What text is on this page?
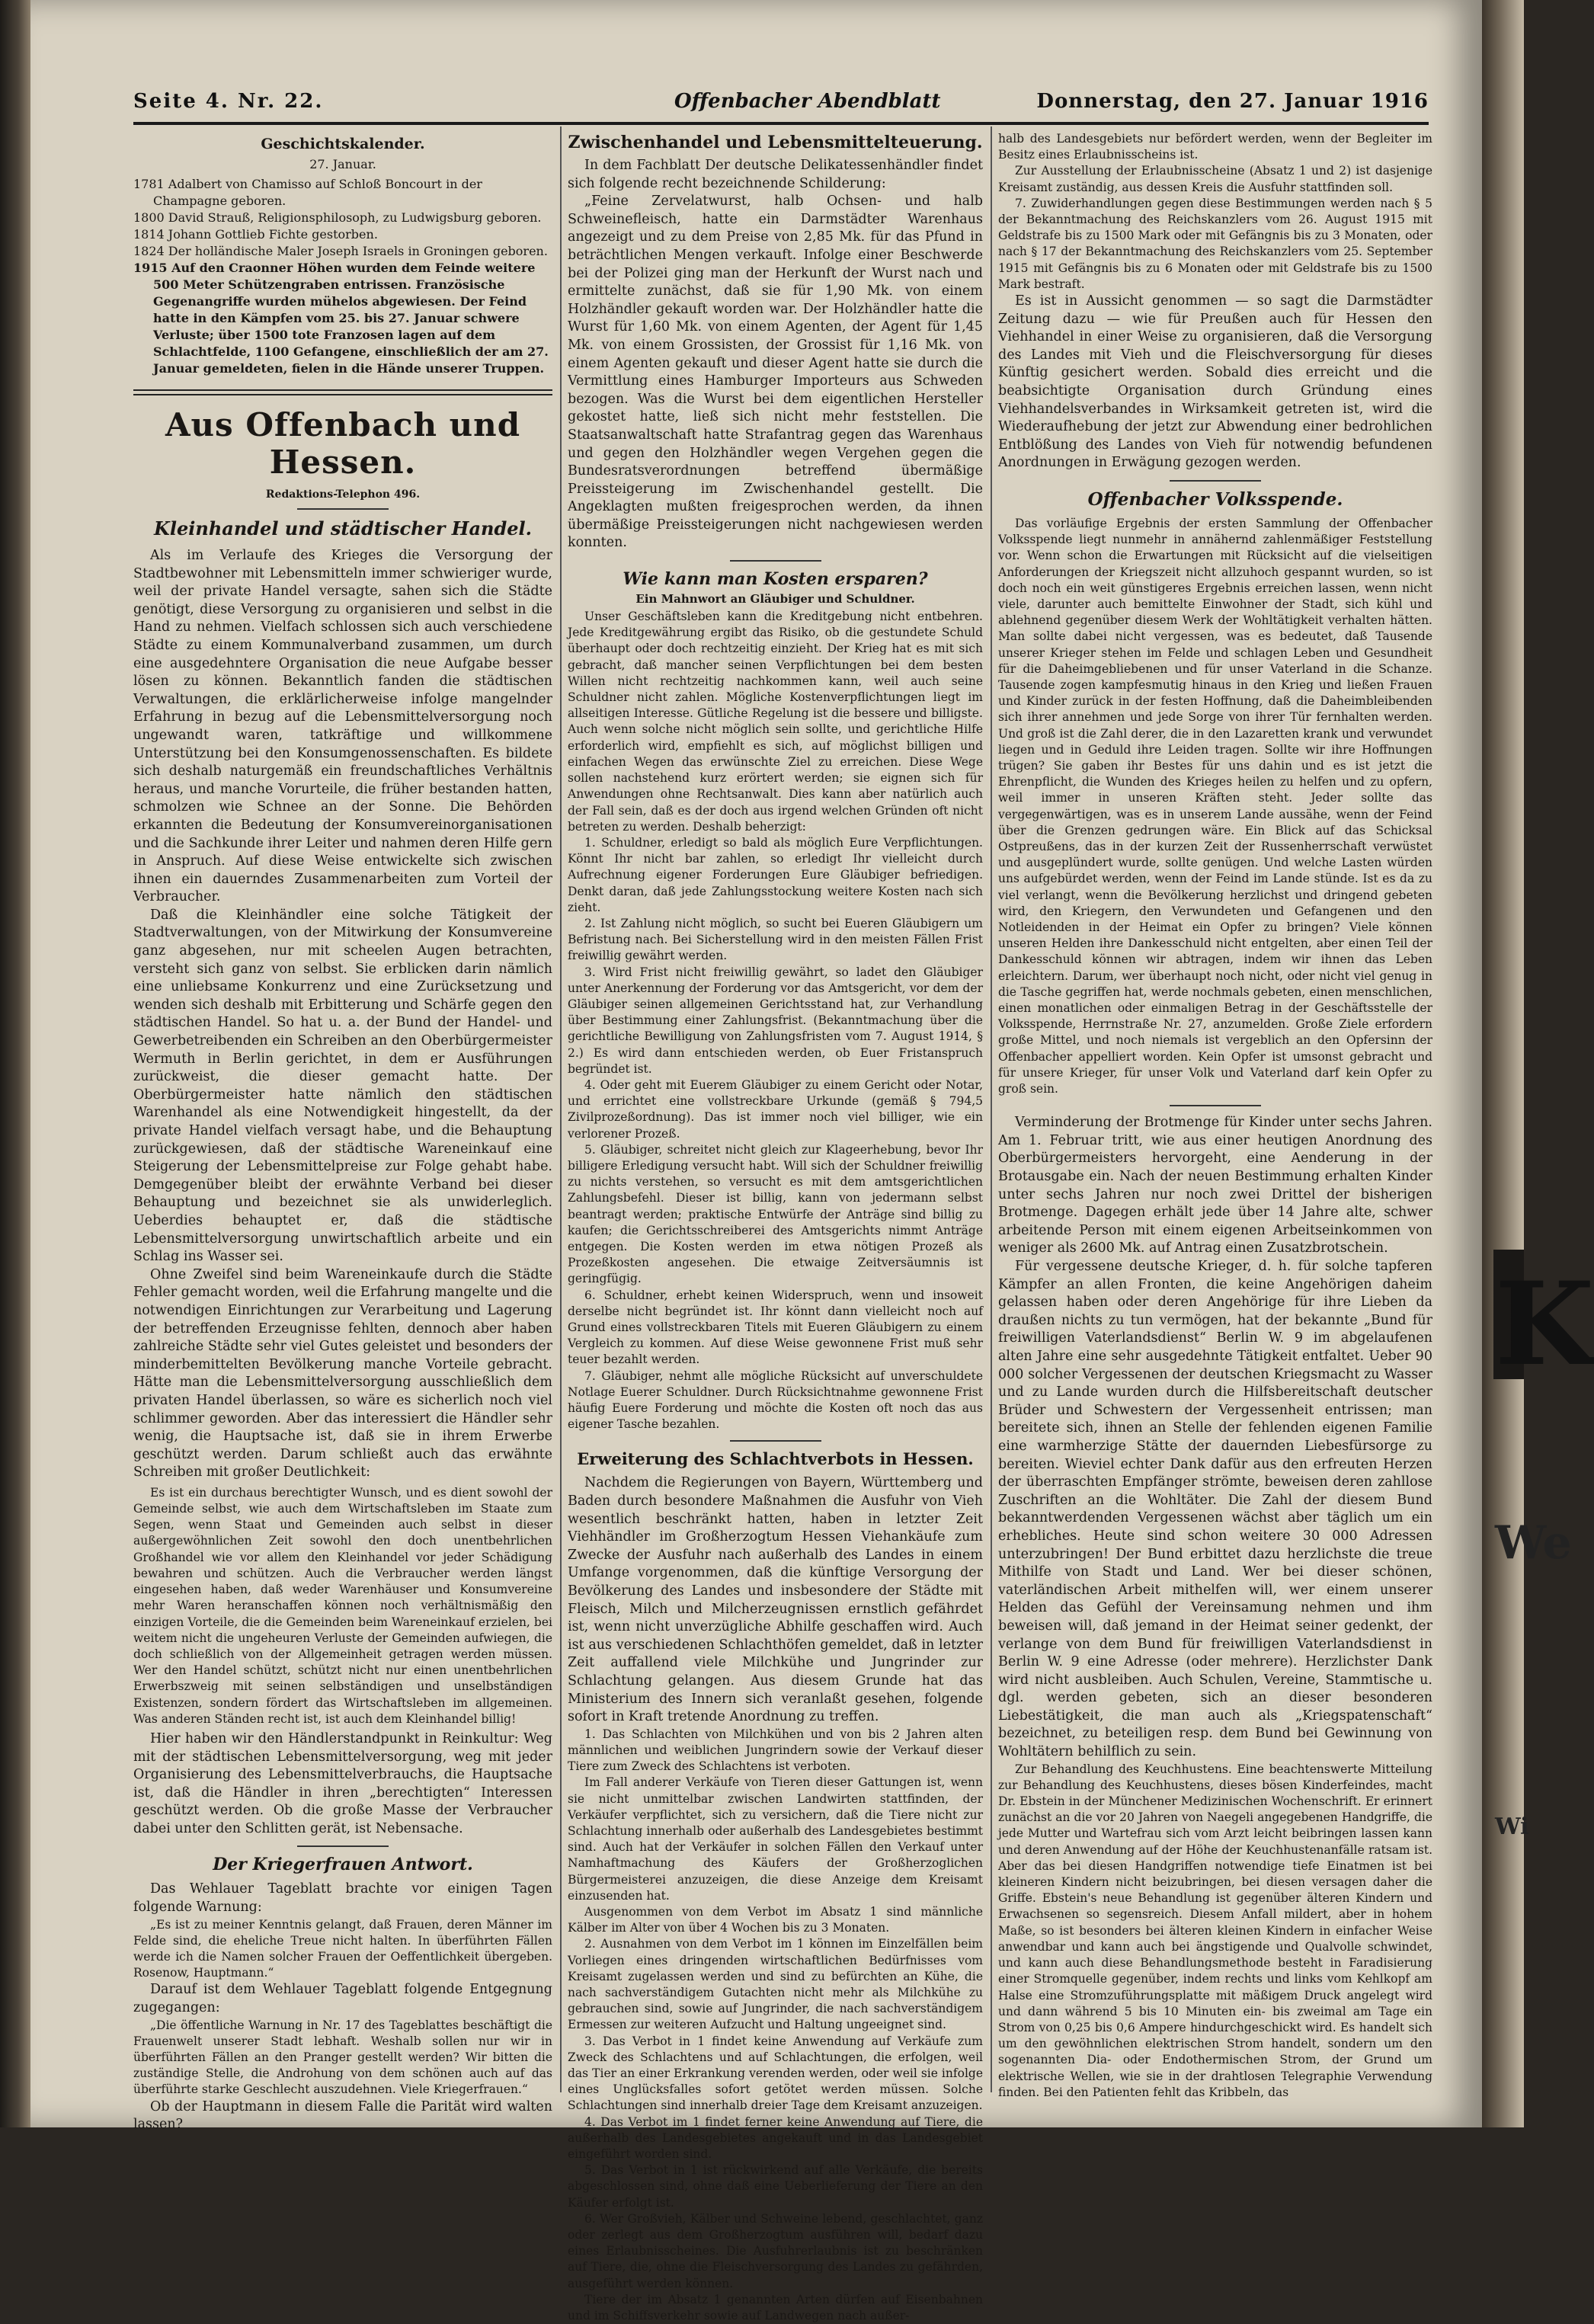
K
We
Wi
Seite 4. Nr. 22.	Offenbacher Abendblatt	Donnerstag, den 27. Januar 1916
Geschichtskalender.
27. Januar.

1781 Adalbert von Chamisso auf Schloß Boncourt in der Champagne geboren.

1800 David Strauß, Religionsphilosoph, zu Ludwigsburg geboren.

1814 Johann Gottlieb Fichte gestorben.

1824 Der holländische Maler Joseph Israels in Groningen geboren.

1915 Auf den Craonner Höhen wurden dem Feinde weitere 500 Meter Schützengraben entrissen. Französische Gegenangriffe wurden mühelos abgewiesen. Der Feind hatte in den Kämpfen vom 25. bis 27. Januar schwere Verluste; über 1500 tote Franzosen lagen auf dem Schlachtfelde, 1100 Gefangene, einschließlich der am 27. Januar gemeldeten, fielen in die Hände unserer Truppen.

Aus Offenbach und Hessen.
Redaktions-Telephon 496.
Kleinhandel und städtischer Handel.

Als im Verlaufe des Krieges die Versorgung der Stadtbewohner mit Lebensmitteln immer schwieriger wurde, weil der private Handel versagte, sahen sich die Städte genötigt, diese Versorgung zu organisieren und selbst in die Hand zu nehmen. Vielfach schlossen sich auch verschiedene Städte zu einem Kommunalverband zusammen, um durch eine ausgedehntere Organisation die neue Aufgabe besser lösen zu können. Bekanntlich fanden die städtischen Verwaltungen, die erklärlicherweise infolge mangelnder Erfahrung in bezug auf die Lebensmittelversorgung noch ungewandt waren, tatkräftige und willkommene Unterstützung bei den Konsumgenossenschaften. Es bildete sich deshalb naturgemäß ein freundschaftliches Verhältnis heraus, und manche Vorurteile, die früher bestanden hatten, schmolzen wie Schnee an der Sonne. Die Behörden erkannten die Bedeutung der Konsumvereinorganisationen und die Sachkunde ihrer Leiter und nahmen deren Hilfe gern in Anspruch. Auf diese Weise entwickelte sich zwischen ihnen ein dauerndes Zusammenarbeiten zum Vorteil der Verbraucher.

Daß die Kleinhändler eine solche Tätigkeit der Stadtverwaltungen, von der Mitwirkung der Konsumvereine ganz abgesehen, nur mit scheelen Augen betrachten, versteht sich ganz von selbst. Sie erblicken darin nämlich eine unliebsame Konkurrenz und eine Zurücksetzung und wenden sich deshalb mit Erbitterung und Schärfe gegen den städtischen Handel. So hat u. a. der Bund der Handel- und Gewerbetreibenden ein Schreiben an den Oberbürgermeister Wermuth in Berlin gerichtet, in dem er Ausführungen zurückweist, die dieser gemacht hatte. Der Oberbürgermeister hatte nämlich den städtischen Warenhandel als eine Notwendigkeit hingestellt, da der private Handel vielfach versagt habe, und die Behauptung zurückgewiesen, daß der städtische Wareneinkauf eine Steigerung der Lebensmittelpreise zur Folge gehabt habe. Demgegenüber bleibt der erwähnte Verband bei dieser Behauptung und bezeichnet sie als unwiderleglich. Ueberdies behauptet er, daß die städtische Lebensmittelversorgung unwirtschaftlich arbeite und ein Schlag ins Wasser sei.

Ohne Zweifel sind beim Wareneinkaufe durch die Städte Fehler gemacht worden, weil die Erfahrung mangelte und die notwendigen Einrichtungen zur Verarbeitung und Lagerung der betreffenden Erzeugnisse fehlten, dennoch aber haben zahlreiche Städte sehr viel Gutes geleistet und besonders der minderbemittelten Bevölkerung manche Vorteile gebracht. Hätte man die Lebensmittelversorgung ausschließlich dem privaten Handel überlassen, so wäre es sicherlich noch viel schlimmer geworden. Aber das interessiert die Händler sehr wenig, die Hauptsache ist, daß sie in ihrem Erwerbe geschützt werden. Darum schließt auch das erwähnte Schreiben mit großer Deutlichkeit:

Es ist ein durchaus berechtigter Wunsch, und es dient sowohl der Gemeinde selbst, wie auch dem Wirtschaftsleben im Staate zum Segen, wenn Staat und Gemeinden auch selbst in dieser außergewöhnlichen Zeit sowohl den doch unentbehrlichen Großhandel wie vor allem den Kleinhandel vor jeder Schädigung bewahren und schützen. Auch die Verbraucher werden längst eingesehen haben, daß weder Warenhäuser und Konsumvereine mehr Waren heranschaffen können noch verhältnismäßig den einzigen Vorteile, die die Gemeinden beim Wareneinkauf erzielen, bei weitem nicht die ungeheuren Verluste der Gemeinden aufwiegen, die doch schließlich von der Allgemeinheit getragen werden müssen. Wer den Handel schützt, schützt nicht nur einen unentbehrlichen Erwerbszweig mit seinen selbständigen und unselbständigen Existenzen, sondern fördert das Wirtschaftsleben im allgemeinen. Was anderen Ständen recht ist, ist auch dem Kleinhandel billig!

Hier haben wir den Händlerstandpunkt in Reinkultur: Weg mit der städtischen Lebensmittelversorgung, weg mit jeder Organisierung des Lebensmittelverbrauchs, die Hauptsache ist, daß die Händler in ihren „berechtigten“ Interessen geschützt werden. Ob die große Masse der Verbraucher dabei unter den Schlitten gerät, ist Nebensache.

Der Kriegerfrauen Antwort.

Das Wehlauer Tageblatt brachte vor einigen Tagen folgende Warnung:

„Es ist zu meiner Kenntnis gelangt, daß Frauen, deren Männer im Felde sind, die eheliche Treue nicht halten. In überführten Fällen werde ich die Namen solcher Frauen der Oeffentlichkeit übergeben. Rosenow, Hauptmann.“

Darauf ist dem Wehlauer Tageblatt folgende Entgegnung zugegangen:

„Die öffentliche Warnung in Nr. 17 des Tageblattes beschäftigt die Frauenwelt unserer Stadt lebhaft. Weshalb sollen nur wir in überführten Fällen an den Pranger gestellt werden? Wir bitten die zuständige Stelle, die Androhung von dem schönen auch auf das überführte starke Geschlecht auszudehnen. Viele Kriegerfrauen.“

Ob der Hauptmann in diesem Falle die Parität wird walten lassen?

Zwischenhandel und Lebensmittelteuerung.

In dem Fachblatt Der deutsche Delikatessenhändler findet sich folgende recht bezeichnende Schilderung:

„Feine Zervelatwurst, halb Ochsen- und halb Schweinefleisch, hatte ein Darmstädter Warenhaus angezeigt und zu dem Preise von 2,85 Mk. für das Pfund in beträchtlichen Mengen verkauft. Infolge einer Beschwerde bei der Polizei ging man der Herkunft der Wurst nach und ermittelte zunächst, daß sie für 1,90 Mk. von einem Holzhändler gekauft worden war. Der Holzhändler hatte die Wurst für 1,60 Mk. von einem Agenten, der Agent für 1,45 Mk. von einem Grossisten, der Grossist für 1,16 Mk. von einem Agenten gekauft und dieser Agent hatte sie durch die Vermittlung eines Hamburger Importeurs aus Schweden bezogen. Was die Wurst bei dem eigentlichen Hersteller gekostet hatte, ließ sich nicht mehr feststellen. Die Staatsanwaltschaft hatte Strafantrag gegen das Warenhaus und gegen den Holzhändler wegen Vergehen gegen die Bundesratsverordnungen betreffend übermäßige Preissteigerung im Zwischenhandel gestellt. Die Angeklagten mußten freigesprochen werden, da ihnen übermäßige Preissteigerungen nicht nachgewiesen werden konnten.

Wie kann man Kosten ersparen?
Ein Mahnwort an Gläubiger und Schuldner.

Unser Geschäftsleben kann die Kreditgebung nicht entbehren. Jede Kreditgewährung ergibt das Risiko, ob die gestundete Schuld überhaupt oder doch rechtzeitig einzieht. Der Krieg hat es mit sich gebracht, daß mancher seinen Verpflichtungen bei dem besten Willen nicht rechtzeitig nachkommen kann, weil auch seine Schuldner nicht zahlen. Mögliche Kostenverpflichtungen liegt im allseitigen Interesse. Gütliche Regelung ist die bessere und billigste. Auch wenn solche nicht möglich sein sollte, und gerichtliche Hilfe erforderlich wird, empfiehlt es sich, auf möglichst billigen und einfachen Wegen das erwünschte Ziel zu erreichen. Diese Wege sollen nachstehend kurz erörtert werden; sie eignen sich für Anwendungen ohne Rechtsanwalt. Dies kann aber natürlich auch der Fall sein, daß es der doch aus irgend welchen Gründen oft nicht betreten zu werden. Deshalb beherzigt:

1. Schuldner, erledigt so bald als möglich Eure Verpflichtungen. Könnt Ihr nicht bar zahlen, so erledigt Ihr vielleicht durch Aufrechnung eigener Forderungen Eure Gläubiger befriedigen. Denkt daran, daß jede Zahlungsstockung weitere Kosten nach sich zieht.

2. Ist Zahlung nicht möglich, so sucht bei Eueren Gläubigern um Befristung nach. Bei Sicherstellung wird in den meisten Fällen Frist freiwillig gewährt werden.

3. Wird Frist nicht freiwillig gewährt, so ladet den Gläubiger unter Anerkennung der Forderung vor das Amtsgericht, vor dem der Gläubiger seinen allgemeinen Gerichtsstand hat, zur Verhandlung über Bestimmung einer Zahlungsfrist. (Bekanntmachung über die gerichtliche Bewilligung von Zahlungsfristen vom 7. August 1914, § 2.) Es wird dann entschieden werden, ob Euer Fristanspruch begründet ist.

4. Oder geht mit Euerem Gläubiger zu einem Gericht oder Notar, und errichtet eine vollstreckbare Urkunde (gemäß § 794,5 Zivilprozeßordnung). Das ist immer noch viel billiger, wie ein verlorener Prozeß.

5. Gläubiger, schreitet nicht gleich zur Klageerhebung, bevor Ihr billigere Erledigung versucht habt. Will sich der Schuldner freiwillig zu nichts verstehen, so versucht es mit dem amtsgerichtlichen Zahlungsbefehl. Dieser ist billig, kann von jedermann selbst beantragt werden; praktische Entwürfe der Anträge sind billig zu kaufen; die Gerichtsschreiberei des Amtsgerichts nimmt Anträge entgegen. Die Kosten werden im etwa nötigen Prozeß als Prozeßkosten angesehen. Die etwaige Zeitversäumnis ist geringfügig.

6. Schuldner, erhebt keinen Widerspruch, wenn und insoweit derselbe nicht begründet ist. Ihr könnt dann vielleicht noch auf Grund eines vollstreckbaren Titels mit Eueren Gläubigern zu einem Vergleich zu kommen. Auf diese Weise gewonnene Frist muß sehr teuer bezahlt werden.

7. Gläubiger, nehmt alle mögliche Rücksicht auf unverschuldete Notlage Euerer Schuldner. Durch Rücksichtnahme gewonnene Frist häufig Euere Forderung und möchte die Kosten oft noch das aus eigener Tasche bezahlen.

Erweiterung des Schlachtverbots in Hessen.

Nachdem die Regierungen von Bayern, Württemberg und Baden durch besondere Maßnahmen die Ausfuhr von Vieh wesentlich beschränkt hatten, haben in letzter Zeit Viehhändler im Großherzogtum Hessen Viehankäufe zum Zwecke der Ausfuhr nach außerhalb des Landes in einem Umfange vorgenommen, daß die künftige Versorgung der Bevölkerung des Landes und insbesondere der Städte mit Fleisch, Milch und Milcherzeugnissen ernstlich gefährdet ist, wenn nicht unverzügliche Abhilfe geschaffen wird. Auch ist aus verschiedenen Schlachthöfen gemeldet, daß in letzter Zeit auffallend viele Milchkühe und Jungrinder zur Schlachtung gelangen. Aus diesem Grunde hat das Ministerium des Innern sich veranlaßt gesehen, folgende sofort in Kraft tretende Anordnung zu treffen.

1. Das Schlachten von Milchkühen und von bis 2 Jahren alten männlichen und weiblichen Jungrindern sowie der Verkauf dieser Tiere zum Zweck des Schlachtens ist verboten.

Im Fall anderer Verkäufe von Tieren dieser Gattungen ist, wenn sie nicht unmittelbar zwischen Landwirten stattfinden, der Verkäufer verpflichtet, sich zu versichern, daß die Tiere nicht zur Schlachtung innerhalb oder außerhalb des Landesgebietes bestimmt sind. Auch hat der Verkäufer in solchen Fällen den Verkauf unter Namhaftmachung des Käufers der Großherzoglichen Bürgermeisterei anzuzeigen, die diese Anzeige dem Kreisamt einzusenden hat.

Ausgenommen von dem Verbot im Absatz 1 sind männliche Kälber im Alter von über 4 Wochen bis zu 3 Monaten.

2. Ausnahmen von dem Verbot im 1 können im Einzelfällen beim Vorliegen eines dringenden wirtschaftlichen Bedürfnisses vom Kreisamt zugelassen werden und sind zu befürchten an Kühe, die nach sachverständigem Gutachten nicht mehr als Milchkühe zu gebrauchen sind, sowie auf Jungrinder, die nach sachverständigem Ermessen zur weiteren Aufzucht und Haltung ungeeignet sind.

3. Das Verbot in 1 findet keine Anwendung auf Verkäufe zum Zweck des Schlachtens und auf Schlachtungen, die erfolgen, weil das Tier an einer Erkrankung verenden werden, oder weil sie infolge eines Unglücksfalles sofort getötet werden müssen. Solche Schlachtungen sind innerhalb dreier Tage dem Kreisamt anzuzeigen.

4. Das Verbot im 1 findet ferner keine Anwendung auf Tiere, die außerhalb des Landesgebietes angekauft und in das Landesgebiet eingeführt worden sind.

5. Das Verbot in 1 ist rückwirkend auf alle Verkäufe, die bereits abgeschlossen sind, ohne daß eine Ueberlieferung der Tiere an den Käufer erfolgt ist.

6. Wer Großvieh, Kälber und Schweine lebend, geschlachtet, ganz oder zerlegt aus dem Großherzogtum ausführen will, bedarf dazu eines Erlaubnisscheines. Die Ausfuhrerlaubnis ist zu beschränken auf Tiere, die, ohne die Fleischversorgung des Landes zu gefährden, ausgeführt werden können.

Tiere der im Absatz 1 genannten Arten dürfen auf Eisenbahnen und im Schiffsverkehr sowie auf Landwegen nach außer-

halb des Landesgebiets nur befördert werden, wenn der Begleiter im Besitz eines Erlaubnisscheins ist.

Zur Ausstellung der Erlaubnisscheine (Absatz 1 und 2) ist dasjenige Kreisamt zuständig, aus dessen Kreis die Ausfuhr stattfinden soll.

7. Zuwiderhandlungen gegen diese Bestimmungen werden nach § 5 der Bekanntmachung des Reichskanzlers vom 26. August 1915 mit Geldstrafe bis zu 1500 Mark oder mit Gefängnis bis zu 3 Monaten, oder nach § 17 der Bekanntmachung des Reichskanzlers vom 25. September 1915 mit Gefängnis bis zu 6 Monaten oder mit Geldstrafe bis zu 1500 Mark bestraft.

Es ist in Aussicht genommen — so sagt die Darmstädter Zeitung dazu — wie für Preußen auch für Hessen den Viehhandel in einer Weise zu organisieren, daß die Versorgung des Landes mit Vieh und die Fleischversorgung für dieses Künftig gesichert werden. Sobald dies erreicht und die beabsichtigte Organisation durch Gründung eines Viehhandelsverbandes in Wirksamkeit getreten ist, wird die Wiederaufhebung der jetzt zur Abwendung einer bedrohlichen Entblößung des Landes von Vieh für notwendig befundenen Anordnungen in Erwägung gezogen werden.

Offenbacher Volksspende.

Das vorläufige Ergebnis der ersten Sammlung der Offenbacher Volksspende liegt nunmehr in annähernd zahlenmäßiger Feststellung vor. Wenn schon die Erwartungen mit Rücksicht auf die vielseitigen Anforderungen der Kriegszeit nicht allzuhoch gespannt wurden, so ist doch noch ein weit günstigeres Ergebnis erreichen lassen, wenn nicht viele, darunter auch bemittelte Einwohner der Stadt, sich kühl und ablehnend gegenüber diesem Werk der Wohltätigkeit verhalten hätten. Man sollte dabei nicht vergessen, was es bedeutet, daß Tausende unserer Krieger stehen im Felde und schlagen Leben und Gesundheit für die Daheimgebliebenen und für unser Vaterland in die Schanze. Tausende zogen kampfesmutig hinaus in den Krieg und ließen Frauen und Kinder zurück in der festen Hoffnung, daß die Daheimbleibenden sich ihrer annehmen und jede Sorge von ihrer Tür fernhalten werden. Und groß ist die Zahl derer, die in den Lazaretten krank und verwundet liegen und in Geduld ihre Leiden tragen. Sollte wir ihre Hoffnungen trügen? Sie gaben ihr Bestes für uns dahin und es ist jetzt die Ehrenpflicht, die Wunden des Krieges heilen zu helfen und zu opfern, weil immer in unseren Kräften steht. Jeder sollte das vergegenwärtigen, was es in unserem Lande aussähe, wenn der Feind über die Grenzen gedrungen wäre. Ein Blick auf das Schicksal Ostpreußens, das in der kurzen Zeit der Russenherrschaft verwüstet und ausgeplündert wurde, sollte genügen. Und welche Lasten würden uns aufgebürdet werden, wenn der Feind im Lande stünde. Ist es da zu viel verlangt, wenn die Bevölkerung herzlichst und dringend gebeten wird, den Kriegern, den Verwundeten und Gefangenen und den Notleidenden in der Heimat ein Opfer zu bringen? Viele können unseren Helden ihre Dankesschuld nicht entgelten, aber einen Teil der Dankesschuld können wir abtragen, indem wir ihnen das Leben erleichtern. Darum, wer überhaupt noch nicht, oder nicht viel genug in die Tasche gegriffen hat, werde nochmals gebeten, einen menschlichen, einen monatlichen oder einmaligen Betrag in der Geschäftsstelle der Volksspende, Herrnstraße Nr. 27, anzumelden. Große Ziele erfordern große Mittel, und noch niemals ist vergeblich an den Opfersinn der Offenbacher appelliert worden. Kein Opfer ist umsonst gebracht und für unsere Krieger, für unser Volk und Vaterland darf kein Opfer zu groß sein.

Verminderung der Brotmenge für Kinder unter sechs Jahren. Am 1. Februar tritt, wie aus einer heutigen Anordnung des Oberbürgermeisters hervorgeht, eine Aenderung in der Brotausgabe ein. Nach der neuen Bestimmung erhalten Kinder unter sechs Jahren nur noch zwei Drittel der bisherigen Brotmenge. Dagegen erhält jede über 14 Jahre alte, schwer arbeitende Person mit einem eigenen Arbeitseinkommen von weniger als 2600 Mk. auf Antrag einen Zusatzbrotschein.

Für vergessene deutsche Krieger, d. h. für solche tapferen Kämpfer an allen Fronten, die keine Angehörigen daheim gelassen haben oder deren Angehörige für ihre Lieben da draußen nichts zu tun vermögen, hat der bekannte „Bund für freiwilligen Vaterlandsdienst“ Berlin W. 9 im abgelaufenen alten Jahre eine sehr ausgedehnte Tätigkeit entfaltet. Ueber 90 000 solcher Vergessenen der deutschen Kriegsmacht zu Wasser und zu Lande wurden durch die Hilfsbereitschaft deutscher Brüder und Schwestern der Vergessenheit entrissen; man bereitete sich, ihnen an Stelle der fehlenden eigenen Familie eine warmherzige Stätte der dauernden Liebesfürsorge zu bereiten. Wieviel echter Dank dafür aus den erfreuten Herzen der überraschten Empfänger strömte, beweisen deren zahllose Zuschriften an die Wohltäter. Die Zahl der diesem Bund bekanntwerdenden Vergessenen wächst aber täglich um ein erhebliches. Heute sind schon weitere 30 000 Adressen unterzubringen! Der Bund erbittet dazu herzlichste die treue Mithilfe von Stadt und Land. Wer bei dieser schönen, vaterländischen Arbeit mithelfen will, wer einem unserer Helden das Gefühl der Vereinsamung nehmen und ihm beweisen will, daß jemand in der Heimat seiner gedenkt, der verlange von dem Bund für freiwilligen Vaterlandsdienst in Berlin W. 9 eine Adresse (oder mehrere). Herzlichster Dank wird nicht ausbleiben. Auch Schulen, Vereine, Stammtische u. dgl. werden gebeten, sich an dieser besonderen Liebestätigkeit, die man auch als „Kriegspatenschaft“ bezeichnet, zu beteiligen resp. dem Bund bei Gewinnung von Wohltätern behilflich zu sein.

Zur Behandlung des Keuchhustens. Eine beachtenswerte Mitteilung zur Behandlung des Keuchhustens, dieses bösen Kinderfeindes, macht Dr. Ebstein in der Münchener Medizinischen Wochenschrift. Er erinnert zunächst an die vor 20 Jahren von Naegeli angegebenen Handgriffe, die jede Mutter und Wartefrau sich vom Arzt leicht beibringen lassen kann und deren Anwendung auf der Höhe der Keuchhustenanfälle ratsam ist. Aber das bei diesen Handgriffen notwendige tiefe Einatmen ist bei kleineren Kindern nicht beizubringen, bei diesen versagen daher die Griffe. Ebstein's neue Behandlung ist gegenüber älteren Kindern und Erwachsenen so segensreich. Diesem Anfall mildert, aber in hohem Maße, so ist besonders bei älteren kleinen Kindern in einfacher Weise anwendbar und kann auch bei ängstigende und Qualvolle schwindet, und kann auch diese Behandlungsmethode besteht in Faradisierung einer Stromquelle gegenüber, indem rechts und links vom Kehlkopf am Halse eine Stromzuführungsplatte mit mäßigem Druck angelegt wird und dann während 5 bis 10 Minuten ein- bis zweimal am Tage ein Strom von 0,25 bis 0,6 Ampere hindurchgeschickt wird. Es handelt sich um den gewöhnlichen elektrischen Strom handelt, sondern um den sogenannten Dia- oder Endothermischen Strom, der Grund um elektrische Wellen, wie sie in der drahtlosen Telegraphie Verwendung finden. Bei den Patienten fehlt das Kribbeln, das
